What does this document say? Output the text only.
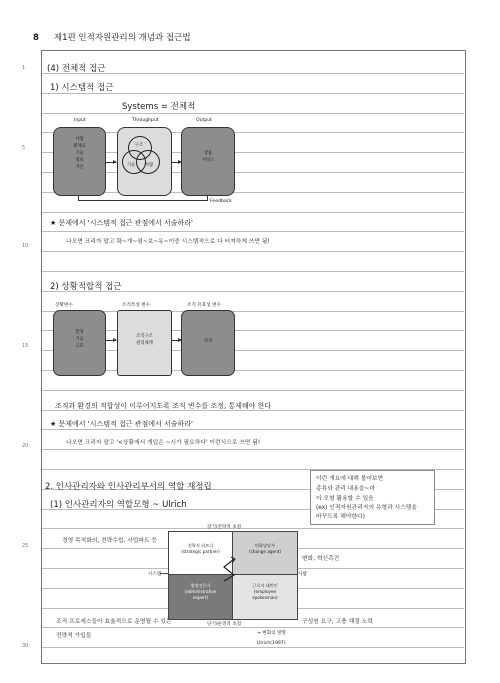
8 제1편 인적자원관리의 개념과 접근법
1
5
10
15
20
25
30
(4) 전체적 접근
1) 시스템적 접근
Systems = 전체적
Input	Throughput	Output
사람
원재료
기술
정보
자본
구조
기술	사람
상품
서비스
Feedback
★ 문제에서 '시스템적 접근 관점에서 서술하라'
나오면 크리자 말고 확~개~평~보~유~이중 시스템적으로 다 터져하게 쓰면 됨!
2) 상황적합적 접근
상황변수	조직특성 변수	조직 유효성 변수
환경
기술
규모
조직구조
관리체계	성과
조직과 환경의 적합성이 이루어지도록 조직 변수를 조정, 통제해야 한다
★ 문제에서 '시스템적 접근 관점에서 서술하라'
나오면 크리자 말고 '<상황에서 개입은 ~시가 필요하다' 이런식으로 쓰면 됨!
2. 인사관리자와 인사관리부서의 역할 재정립
(1) 인사관리자의 역할모형 ~ Ulrich
이런 개요에 대해 물어보면
종류와 관리 내용을~마
이 모형 활용할 수 있음
(ex) 인적자원관리자의 유형과 시스템을
바꾸도록 해야한다)
경영 목적화의, 전략수립, 사업파트 등
변화, 혁신촉진
조직 프로세스들이 효율적으로 운영될 수 있는
전략적 가입들
구성원 요구, 고충 해결 노력
장기/전략적 초점
단기/운영적 초점
시스템	사람
전략적 파트너
(strategic partner)
변화담당자
(change agent)
행정전문가
(administrative
expert)
근로자 대변인
(employee
spokesman)
→ 변화의 방향
Ulrich(1997)
